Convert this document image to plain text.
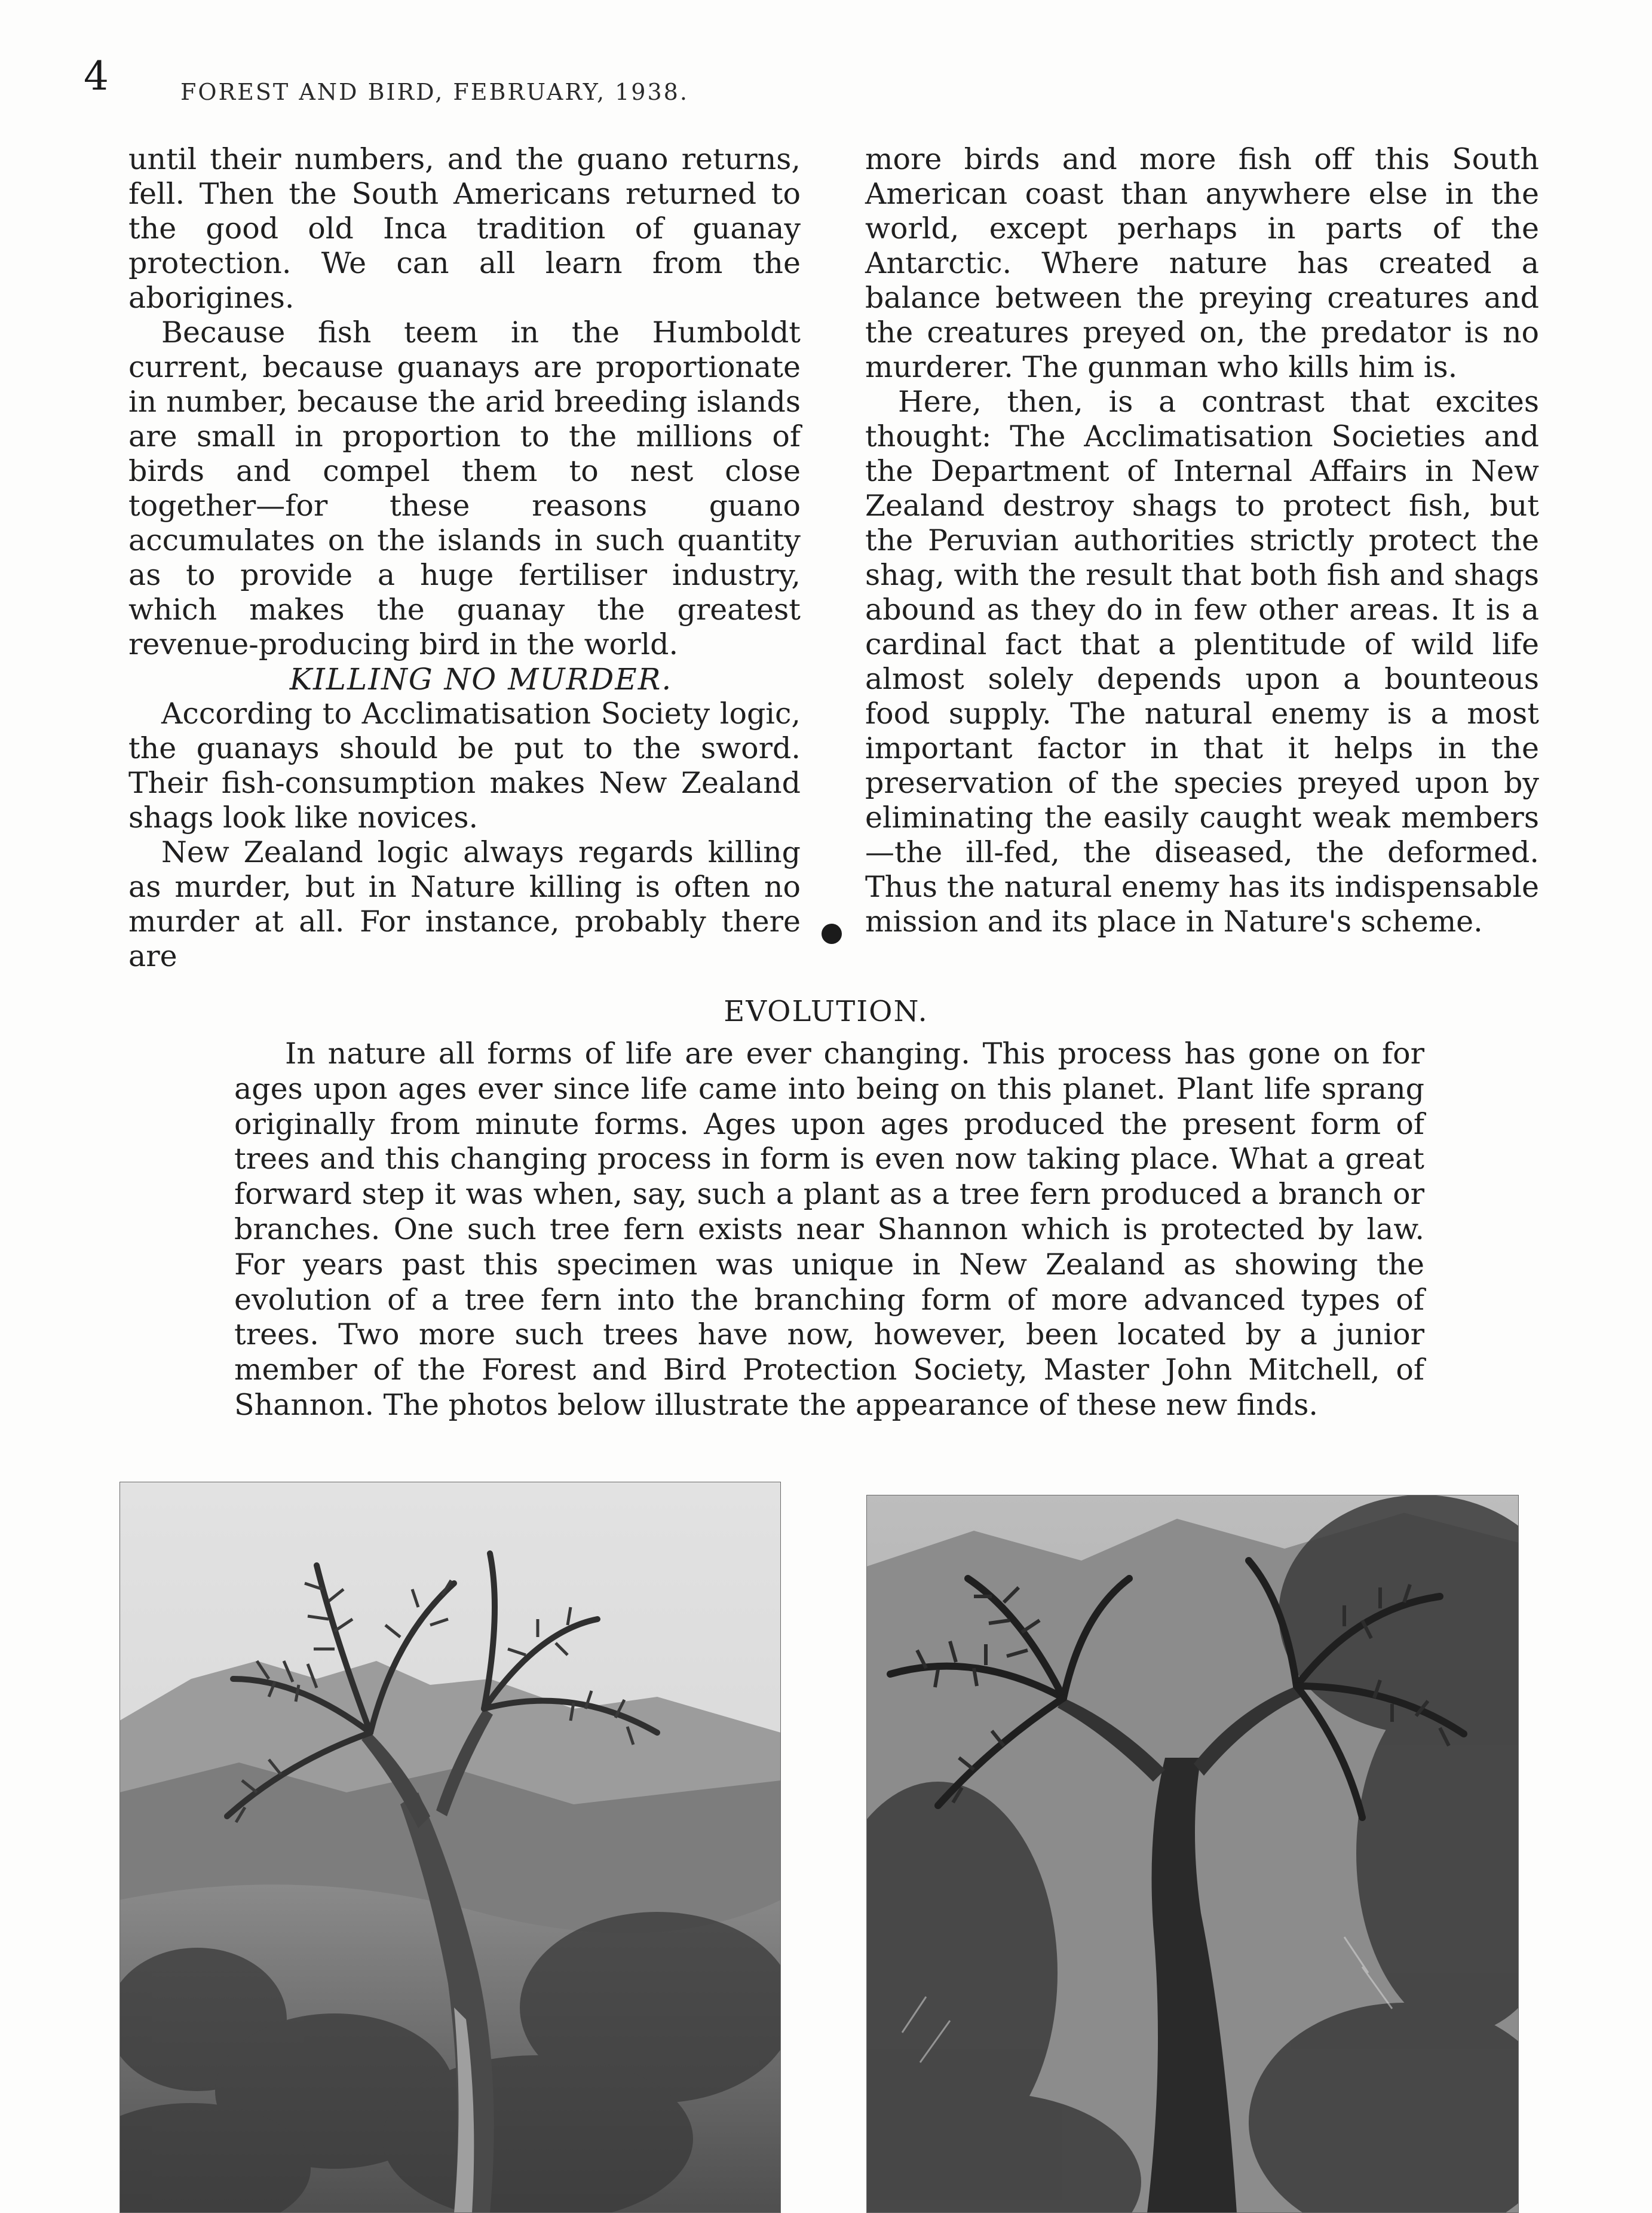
4	FOREST AND BIRD, FEBRUARY, 1938.

until their numbers, and the guano returns, fell. Then the South Americans returned to the good old Inca tradition of guanay protection. We can all learn from the aborigines.

Because fish teem in the Humboldt current, because guanays are proportionate in number, because the arid breeding islands are small in proportion to the millions of birds and compel them to nest close together—for these reasons guano accumulates on the islands in such quantity as to provide a huge fertiliser industry, which makes the guanay the greatest revenue-producing bird in the world.

KILLING NO MURDER.

According to Acclimatisation Society logic, the guanays should be put to the sword. Their fish-consumption makes New Zealand shags look like novices.

New Zealand logic always regards killing as murder, but in Nature killing is often no murder at all. For instance, probably there are

more birds and more fish off this South American coast than anywhere else in the world, except perhaps in parts of the Antarctic. Where nature has created a balance between the preying creatures and the creatures preyed on, the predator is no murderer. The gunman who kills him is.

Here, then, is a contrast that excites thought: The Acclimatisation Societies and the Department of Internal Affairs in New Zealand destroy shags to protect fish, but the Peruvian authorities strictly protect the shag, with the result that both fish and shags abound as they do in few other areas. It is a cardinal fact that a plentitude of wild life almost solely depends upon a bounteous food supply. The natural enemy is a most important factor in that it helps in the preservation of the species preyed upon by eliminating the easily caught weak members—the ill-fed, the diseased, the deformed. Thus the natural enemy has its indispensable mission and its place in Nature's scheme.

EVOLUTION.

In nature all forms of life are ever changing. This process has gone on for ages upon ages ever since life came into being on this planet. Plant life sprang originally from minute forms. Ages upon ages produced the present form of trees and this changing process in form is even now taking place. What a great forward step it was when, say, such a plant as a tree fern produced a branch or branches. One such tree fern exists near Shannon which is protected by law. For years past this specimen was unique in New Zealand as showing the evolution of a tree fern into the branching form of more advanced types of trees. Two more such trees have now, however, been located by a junior member of the Forest and Bird Protection Society, Master John Mitchell, of Shannon. The photos below illustrate the appearance of these new finds.
